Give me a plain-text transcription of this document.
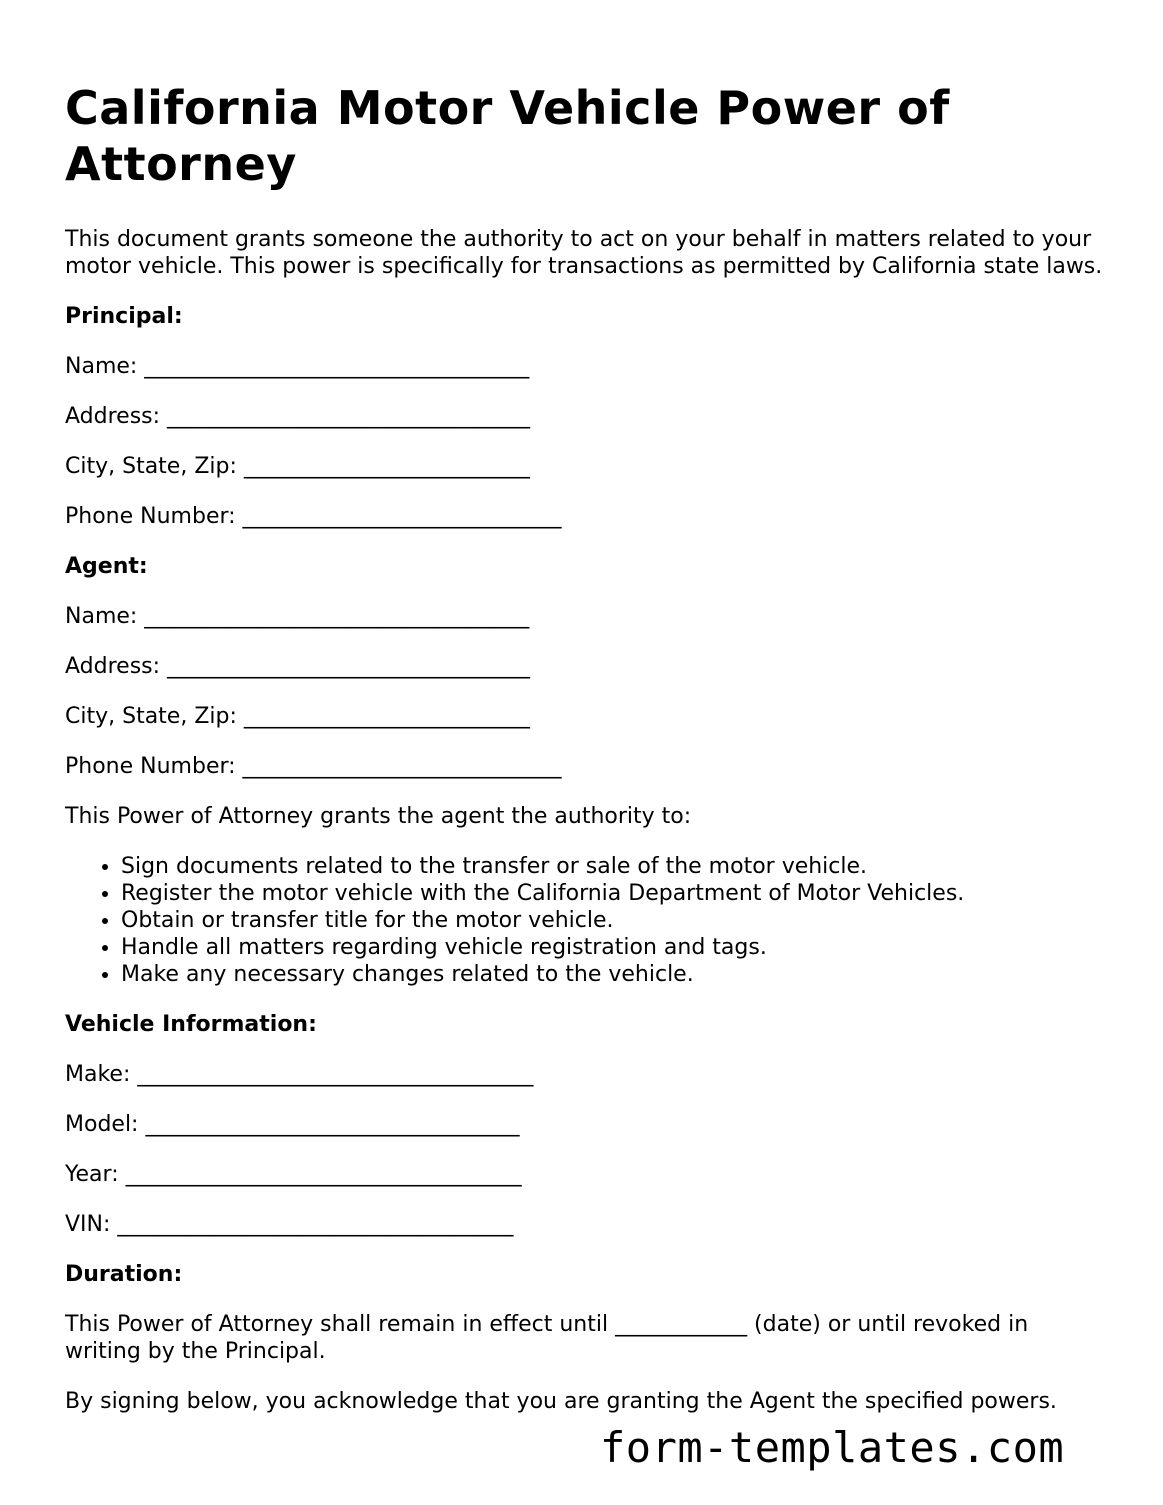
California Motor Vehicle Power of Attorney

This document grants someone the authority to act on your behalf in matters related to your motor vehicle. This power is specifically for transactions as permitted by California state laws.

Principal:

Name: ___________________________________

Address: _________________________________

City, State, Zip: __________________________

Phone Number: _____________________________

Agent:

Name: ___________________________________

Address: _________________________________

City, State, Zip: __________________________

Phone Number: _____________________________

This Power of Attorney grants the agent the authority to:

• Sign documents related to the transfer or sale of the motor vehicle.
• Register the motor vehicle with the California Department of Motor Vehicles.
• Obtain or transfer title for the motor vehicle.
• Handle all matters regarding vehicle registration and tags.
• Make any necessary changes related to the vehicle.

Vehicle Information:

Make: ____________________________________

Model: __________________________________

Year: ____________________________________

VIN: ____________________________________

Duration:

This Power of Attorney shall remain in effect until ____________ (date) or until revoked in writing by the Principal.

By signing below, you acknowledge that you are granting the Agent the specified powers.

form-templates.com
